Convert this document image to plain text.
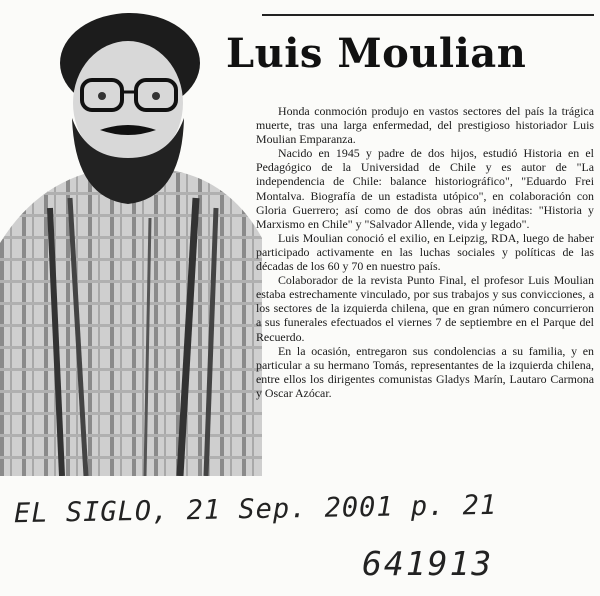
Luis Moulian

Honda conmoción produjo en vastos sectores del país la trágica muerte, tras una larga enfermedad, del prestigioso historiador Luis Moulian Emparanza.

Nacido en 1945 y padre de dos hijos, estudió Historia en el Pedagógico de la Universidad de Chile y es autor de "La independencia de Chile: balance historiográfico", "Eduardo Frei Montalva. Biografía de un estadista utópico", en colaboración con Gloria Guerrero; así como de dos obras aún inéditas: "Historia y Marxismo en Chile" y "Salvador Allende, vida y legado".

Luis Moulian conoció el exilio, en Leipzig, RDA, luego de haber participado activamente en las luchas sociales y políticas de las décadas de los 60 y 70 en nuestro país.

Colaborador de la revista Punto Final, el profesor Luis Moulian estaba estrechamente vinculado, por sus trabajos y sus convicciones, a los sectores de la izquierda chilena, que en gran número concurrieron a sus funerales efectuados el viernes 7 de septiembre en el Parque del Recuerdo.

En la ocasión, entregaron sus condolencias a su familia, y en particular a su hermano Tomás, representantes de la izquierda chilena, entre ellos los dirigentes comunistas Gladys Marín, Lautaro Carmona y Oscar Azócar.

EL SIGLO, 21 Sep. 2001 p. 21
641913
